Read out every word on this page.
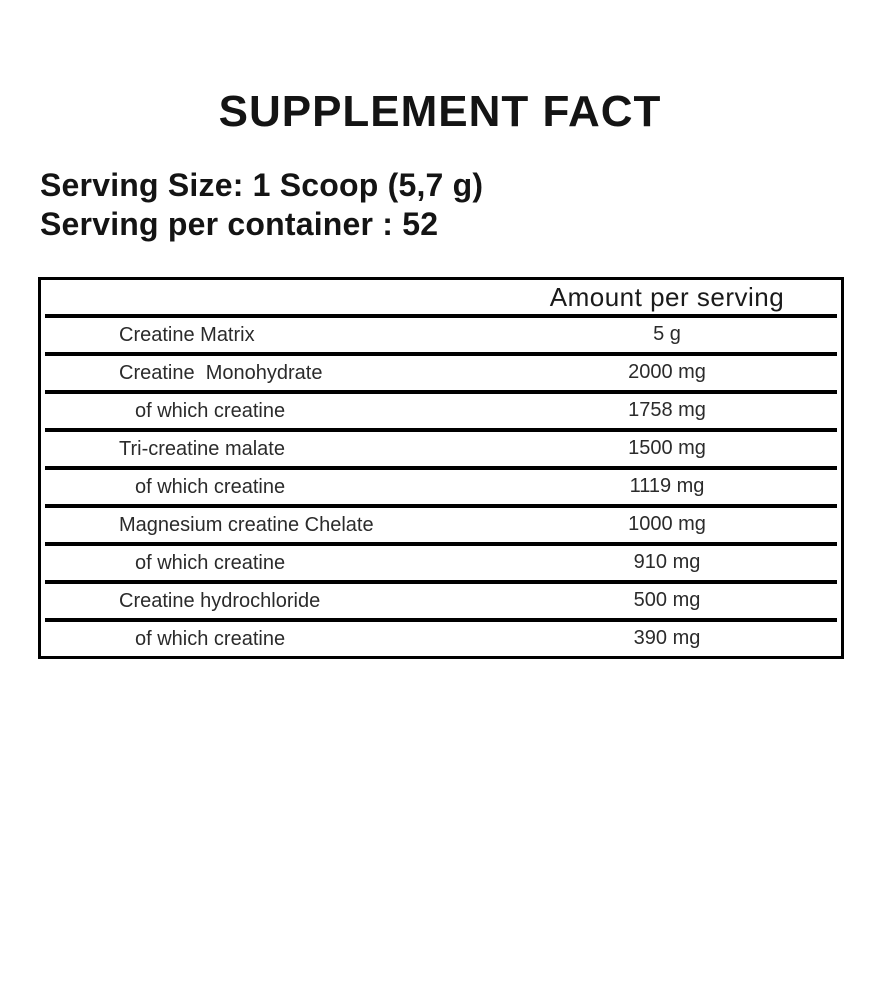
SUPPLEMENT FACT
Serving Size: 1 Scoop (5,7 g)
Serving per container : 52
Amount per serving
Creatine Matrix	5 g
Creatine  Monohydrate	2000 mg
of which creatine	1758 mg
Tri-creatine malate	1500 mg
of which creatine	1119 mg
Magnesium creatine Chelate	1000 mg
of which creatine	910 mg
Creatine hydrochloride	500 mg
of which creatine	390 mg
